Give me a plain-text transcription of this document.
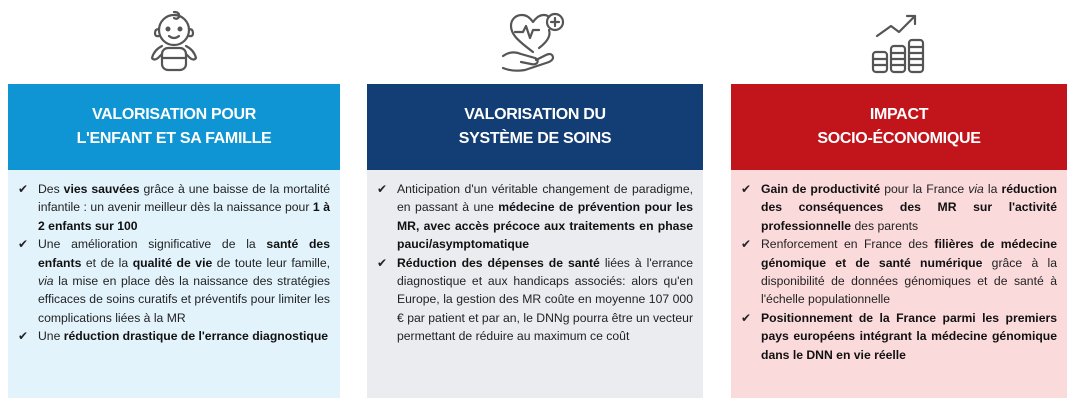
VALORISATION POUR
L'ENFANT ET SA FAMILLE
✔ Des vies sauvées grâce à une baisse de la mortalité infantile : un avenir meilleur dès la naissance pour 1 à 2 enfants sur 100
✔ Une amélioration significative de la santé des enfants et de la qualité de vie de toute leur famille, via la mise en place dès la naissance des stratégies efficaces de soins curatifs et préventifs pour limiter les complications liées à la MR
✔ Une réduction drastique de l'errance diagnostique
VALORISATION DU
SYSTÈME DE SOINS
✔ Anticipation d'un véritable changement de paradigme, en passant à une médecine de prévention pour les MR, avec accès précoce aux traitements en phase pauci/asymptomatique
✔ Réduction des dépenses de santé liées à l'errance diagnostique et aux handicaps associés: alors qu'en Europe, la gestion des MR coûte en moyenne 107 000 € par patient et par an, le DNNg pourra être un vecteur permettant de réduire au maximum ce coût
IMPACT
SOCIO-ÉCONOMIQUE
✔ Gain de productivité pour la France via la réduction des conséquences des MR sur l'activité professionnelle des parents
✔ Renforcement en France des filières de médecine génomique et de santé numérique grâce à la disponibilité de données génomiques et de santé à l'échelle populationnelle
✔ Positionnement de la France parmi les premiers pays européens intégrant la médecine génomique dans le DNN en vie réelle
